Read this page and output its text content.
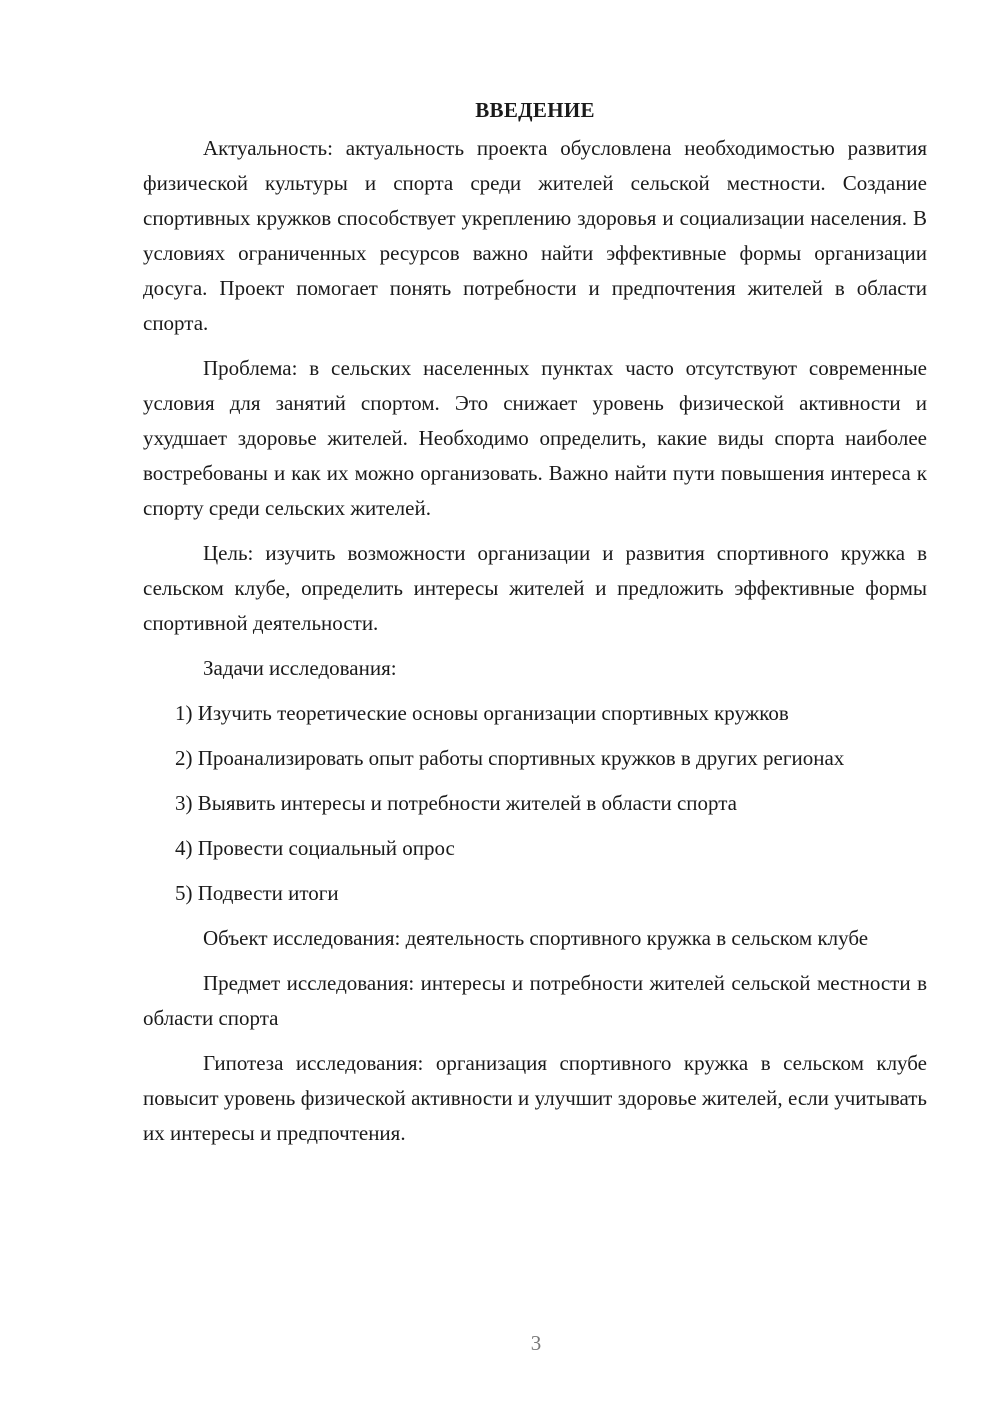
ВВЕДЕНИЕ

Актуальность: актуальность проекта обусловлена необходимостью развития физической культуры и спорта среди жителей сельской местности. Создание спортивных кружков способствует укреплению здоровья и социализации населения. В условиях ограниченных ресурсов важно найти эффективные формы организации досуга. Проект помогает понять потребности и предпочтения жителей в области спорта.

Проблема: в сельских населенных пунктах часто отсутствуют современные условия для занятий спортом. Это снижает уровень физической активности и ухудшает здоровье жителей. Необходимо определить, какие виды спорта наиболее востребованы и как их можно организовать. Важно найти пути повышения интереса к спорту среди сельских жителей.

Цель: изучить возможности организации и развития спортивного кружка в сельском клубе, определить интересы жителей и предложить эффективные формы спортивной деятельности.

Задачи исследования:

1) Изучить теоретические основы организации спортивных кружков

2) Проанализировать опыт работы спортивных кружков в других регионах

3) Выявить интересы и потребности жителей в области спорта

4) Провести социальный опрос

5) Подвести итоги

Объект исследования: деятельность спортивного кружка в сельском клубе

Предмет исследования: интересы и потребности жителей сельской местности в области спорта

Гипотеза исследования: организация спортивного кружка в сельском клубе повысит уровень физической активности и улучшит здоровье жителей, если учитывать их интересы и предпочтения.

3
